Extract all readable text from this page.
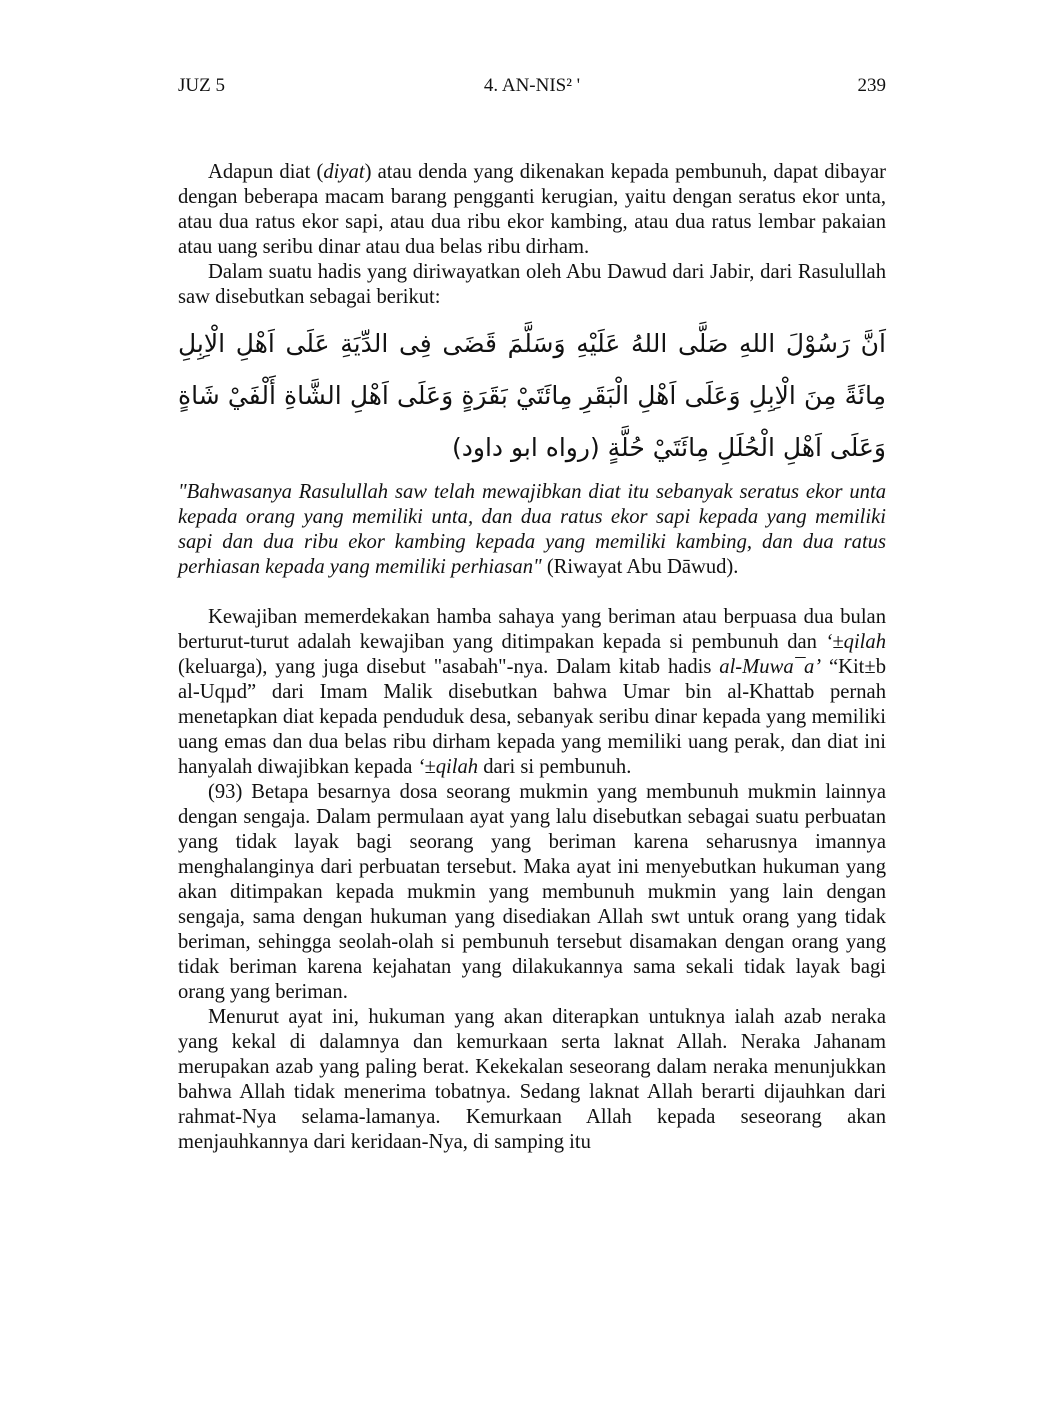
JUZ 5	4. AN-NIS² '	239

Adapun diat (diyat) atau denda yang dikenakan kepada pembunuh, dapat dibayar dengan beberapa macam barang pengganti kerugian, yaitu dengan seratus ekor unta, atau dua ratus ekor sapi, atau dua ribu ekor kambing, atau dua ratus lembar pakaian atau uang seribu dinar atau dua belas ribu dirham.

Dalam suatu hadis yang diriwayatkan oleh Abu Dawud dari Jabir, dari Rasulullah saw disebutkan sebagai berikut:

اَنَّ رَسُوْلَ اللهِ صَلَّى اللهُ عَلَيْهِ وَسَلَّمَ قَضَى فِى الدِّيَةِ عَلَى اَهْلِ الْاِبِلِ مِائَةً مِنَ الْاِبِلِ وَعَلَى اَهْلِ الْبَقَرِ مِائَتَيْ بَقَرَةٍ وَعَلَى اَهْلِ الشَّاةِ أَلْفَيْ شَاةٍ وَعَلَى اَهْلِ الْحُلَلِ مِائَتَيْ حُلَّةٍ (رواه ابو داود)

"Bahwasanya Rasulullah saw telah mewajibkan diat itu sebanyak seratus ekor unta kepada orang yang memiliki unta, dan dua ratus ekor sapi kepada yang memiliki sapi dan dua ribu ekor kambing kepada yang memiliki kambing, dan dua ratus perhiasan kepada yang memiliki perhiasan" (Riwayat Abu Dāwud).

Kewajiban memerdekakan hamba sahaya yang beriman atau berpuasa dua bulan berturut-turut adalah kewajiban yang ditimpakan kepada si pembunuh dan ‘±qilah (keluarga), yang juga disebut "asabah"-nya. Dalam kitab hadis al-Muwa¯a’ “Kit±b al-Uqµd” dari Imam Malik disebutkan bahwa Umar bin al-Khattab pernah menetapkan diat kepada penduduk desa, sebanyak seribu dinar kepada yang memiliki uang emas dan dua belas ribu dirham kepada yang memiliki uang perak, dan diat ini hanyalah diwajibkan kepada ‘±qilah dari si pembunuh.

(93) Betapa besarnya dosa seorang mukmin yang membunuh mukmin lainnya dengan sengaja. Dalam permulaan ayat yang lalu disebutkan sebagai suatu perbuatan yang tidak layak bagi seorang yang beriman karena seharusnya imannya menghalanginya dari perbuatan tersebut. Maka ayat ini menyebutkan hukuman yang akan ditimpakan kepada mukmin yang membunuh mukmin yang lain dengan sengaja, sama dengan hukuman yang disediakan Allah swt untuk orang yang tidak beriman, sehingga seolah-olah si pembunuh tersebut disamakan dengan orang yang tidak beriman karena kejahatan yang dilakukannya sama sekali tidak layak bagi orang yang beriman.

Menurut ayat ini, hukuman yang akan diterapkan untuknya ialah azab neraka yang kekal di dalamnya dan kemurkaan serta laknat Allah. Neraka Jahanam merupakan azab yang paling berat. Kekekalan seseorang dalam neraka menunjukkan bahwa Allah tidak menerima tobatnya. Sedang laknat Allah berarti dijauhkan dari rahmat-Nya selama-lamanya. Kemurkaan Allah kepada seseorang akan menjauhkannya dari keridaan-Nya, di samping itu
